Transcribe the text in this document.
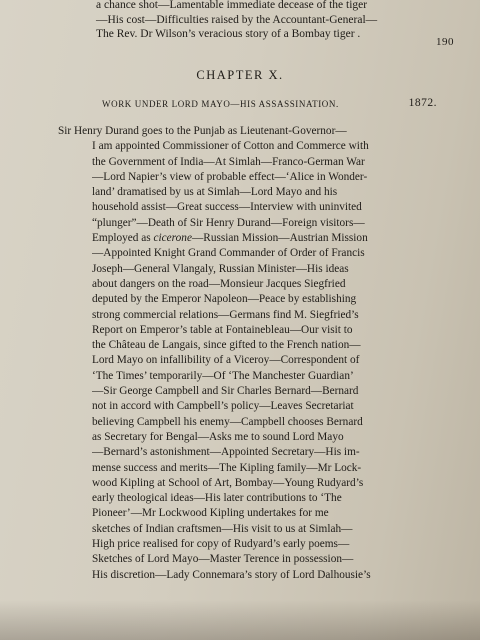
a chance shot—Lamentable immediate decease of the tiger
—His cost—Difficulties raised by the Accountant-General—
The Rev. Dr Wilson’s veracious story of a Bombay tiger .
190
CHAPTER X.
WORK UNDER LORD MAYO—HIS ASSASSINATION.	1872.
Sir Henry Durand goes to the Punjab as Lieutenant-Governor—
I am appointed Commissioner of Cotton and Commerce with
the Government of India—At Simlah—Franco-German War
—Lord Napier’s view of probable effect—‘Alice in Wonder-
land’ dramatised by us at Simlah—Lord Mayo and his
household assist—Great success—Interview with uninvited
“plunger”—Death of Sir Henry Durand—Foreign visitors—
Employed as cicerone—Russian Mission—Austrian Mission
—Appointed Knight Grand Commander of Order of Francis
Joseph—General Vlangaly, Russian Minister—His ideas
about dangers on the road—Monsieur Jacques Siegfried
deputed by the Emperor Napoleon—Peace by establishing
strong commercial relations—Germans find M. Siegfried’s
Report on Emperor’s table at Fontainebleau—Our visit to
the Château de Langais, since gifted to the French nation—
Lord Mayo on infallibility of a Viceroy—Correspondent of
‘The Times’ temporarily—Of ‘The Manchester Guardian’
—Sir George Campbell and Sir Charles Bernard—Bernard
not in accord with Campbell’s policy—Leaves Secretariat
believing Campbell his enemy—Campbell chooses Bernard
as Secretary for Bengal—Asks me to sound Lord Mayo
—Bernard’s astonishment—Appointed Secretary—His im-
mense success and merits—The Kipling family—Mr Lock-
wood Kipling at School of Art, Bombay—Young Rudyard’s
early theological ideas—His later contributions to ‘The
Pioneer’—Mr Lockwood Kipling undertakes for me
sketches of Indian craftsmen—His visit to us at Simlah—
High price realised for copy of Rudyard’s early poems—
Sketches of Lord Mayo—Master Terence in possession—
His discretion—Lady Connemara’s story of Lord Dalhousie’s
